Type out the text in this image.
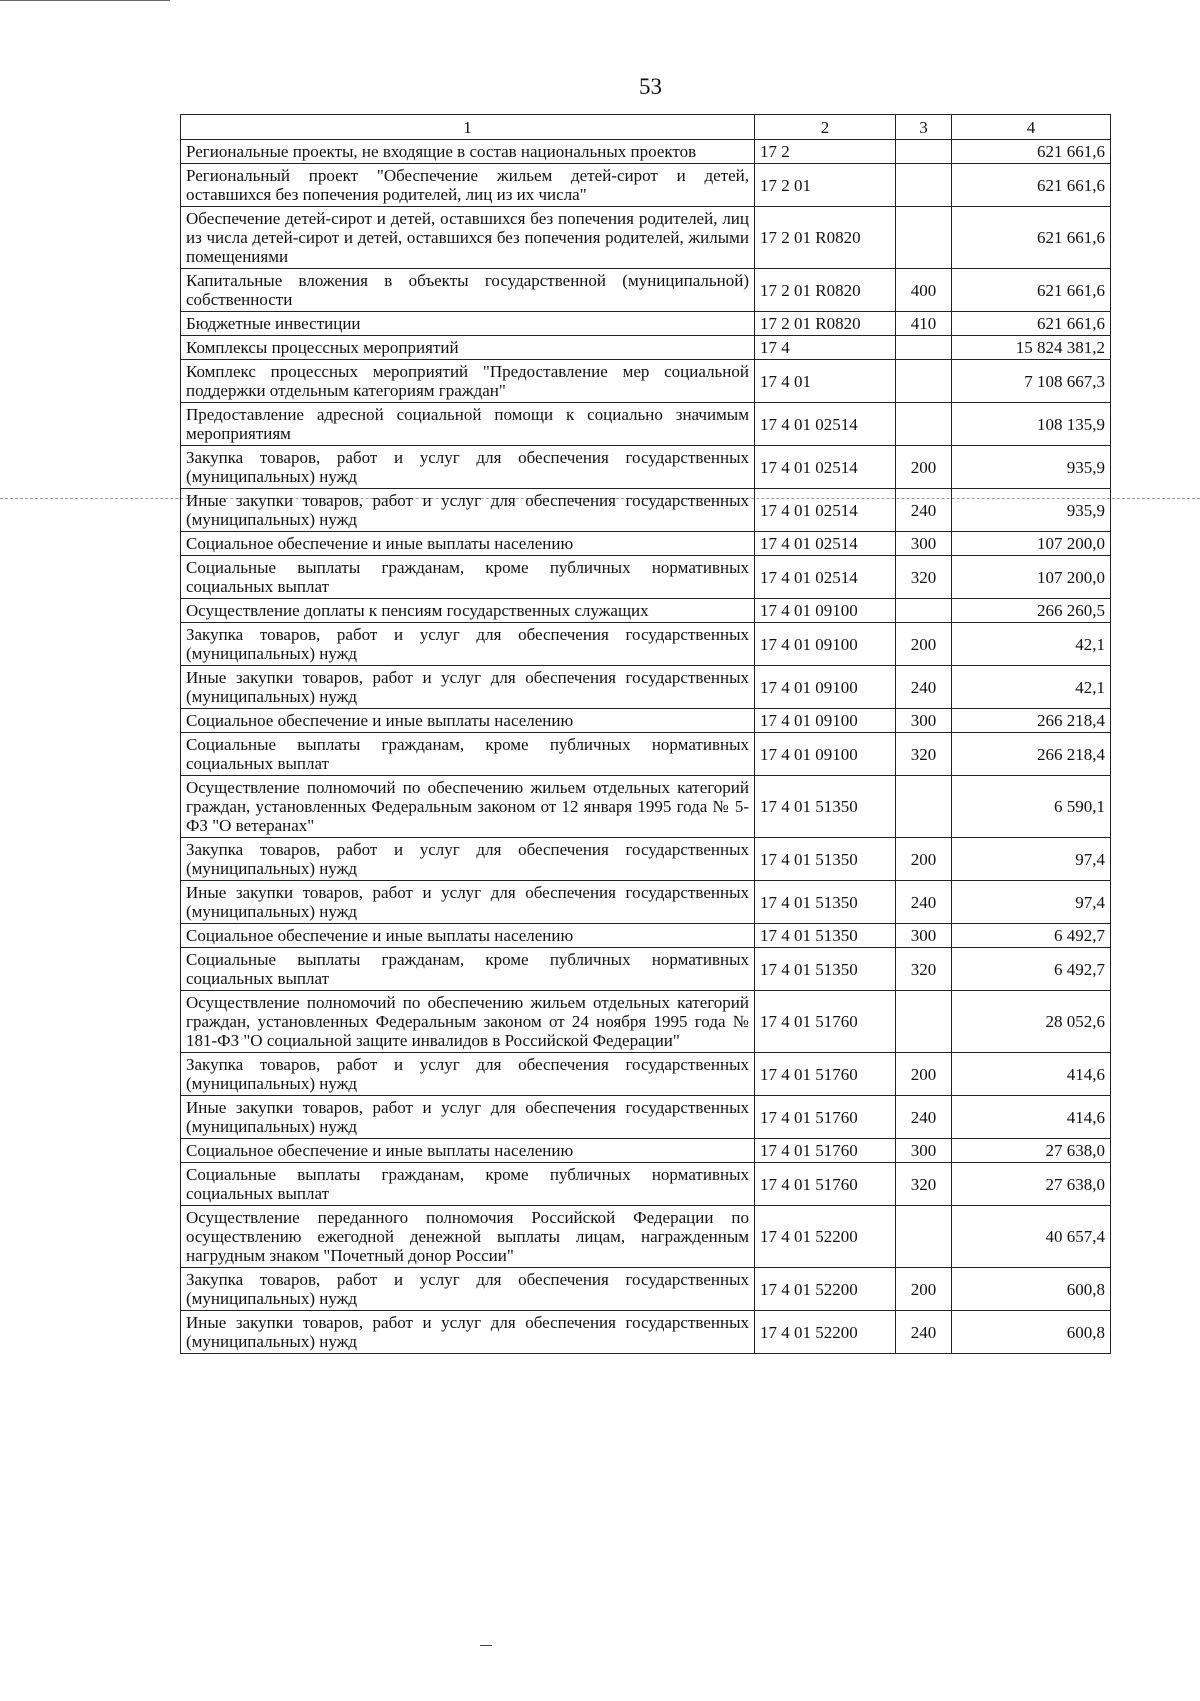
53
1	2	3	4
Региональные проекты, не входящие в состав национальных проектов	17 2		621 661,6
Региональный проект "Обеспечение жильем детей-сирот и детей, оставшихся без попечения родителей, лиц из их числа"	17 2 01		621 661,6
Обеспечение детей-сирот и детей, оставшихся без попечения родителей, лиц из числа детей-сирот и детей, оставшихся без попечения родителей, жилыми помещениями	17 2 01 R0820		621 661,6
Капитальные вложения в объекты государственной (муниципальной) собственности	17 2 01 R0820	400	621 661,6
Бюджетные инвестиции	17 2 01 R0820	410	621 661,6
Комплексы процессных мероприятий	17 4		15 824 381,2
Комплекс процессных мероприятий "Предоставление мер социальной поддержки отдельным категориям граждан"	17 4 01		7 108 667,3
Предоставление адресной социальной помощи к социально значимым мероприятиям	17 4 01 02514		108 135,9
Закупка товаров, работ и услуг для обеспечения государственных (муниципальных) нужд	17 4 01 02514	200	935,9
Иные закупки товаров, работ и услуг для обеспечения государственных (муниципальных) нужд	17 4 01 02514	240	935,9
Социальное обеспечение и иные выплаты населению	17 4 01 02514	300	107 200,0
Социальные выплаты гражданам, кроме публичных нормативных социальных выплат	17 4 01 02514	320	107 200,0
Осуществление доплаты к пенсиям государственных служащих	17 4 01 09100		266 260,5
Закупка товаров, работ и услуг для обеспечения государственных (муниципальных) нужд	17 4 01 09100	200	42,1
Иные закупки товаров, работ и услуг для обеспечения государственных (муниципальных) нужд	17 4 01 09100	240	42,1
Социальное обеспечение и иные выплаты населению	17 4 01 09100	300	266 218,4
Социальные выплаты гражданам, кроме публичных нормативных социальных выплат	17 4 01 09100	320	266 218,4
Осуществление полномочий по обеспечению жильем отдельных категорий граждан, установленных Федеральным законом от 12 января 1995 года № 5-ФЗ "О ветеранах"	17 4 01 51350		6 590,1
Закупка товаров, работ и услуг для обеспечения государственных (муниципальных) нужд	17 4 01 51350	200	97,4
Иные закупки товаров, работ и услуг для обеспечения государственных (муниципальных) нужд	17 4 01 51350	240	97,4
Социальное обеспечение и иные выплаты населению	17 4 01 51350	300	6 492,7
Социальные выплаты гражданам, кроме публичных нормативных социальных выплат	17 4 01 51350	320	6 492,7
Осуществление полномочий по обеспечению жильем отдельных категорий граждан, установленных Федеральным законом от 24 ноября 1995 года № 181-ФЗ "О социальной защите инвалидов в Российской Федерации"	17 4 01 51760		28 052,6
Закупка товаров, работ и услуг для обеспечения государственных (муниципальных) нужд	17 4 01 51760	200	414,6
Иные закупки товаров, работ и услуг для обеспечения государственных (муниципальных) нужд	17 4 01 51760	240	414,6
Социальное обеспечение и иные выплаты населению	17 4 01 51760	300	27 638,0
Социальные выплаты гражданам, кроме публичных нормативных социальных выплат	17 4 01 51760	320	27 638,0
Осуществление переданного полномочия Российской Федерации по осуществлению ежегодной денежной выплаты лицам, награжденным нагрудным знаком "Почетный донор России"	17 4 01 52200		40 657,4
Закупка товаров, работ и услуг для обеспечения государственных (муниципальных) нужд	17 4 01 52200	200	600,8
Иные закупки товаров, работ и услуг для обеспечения государственных (муниципальных) нужд	17 4 01 52200	240	600,8
